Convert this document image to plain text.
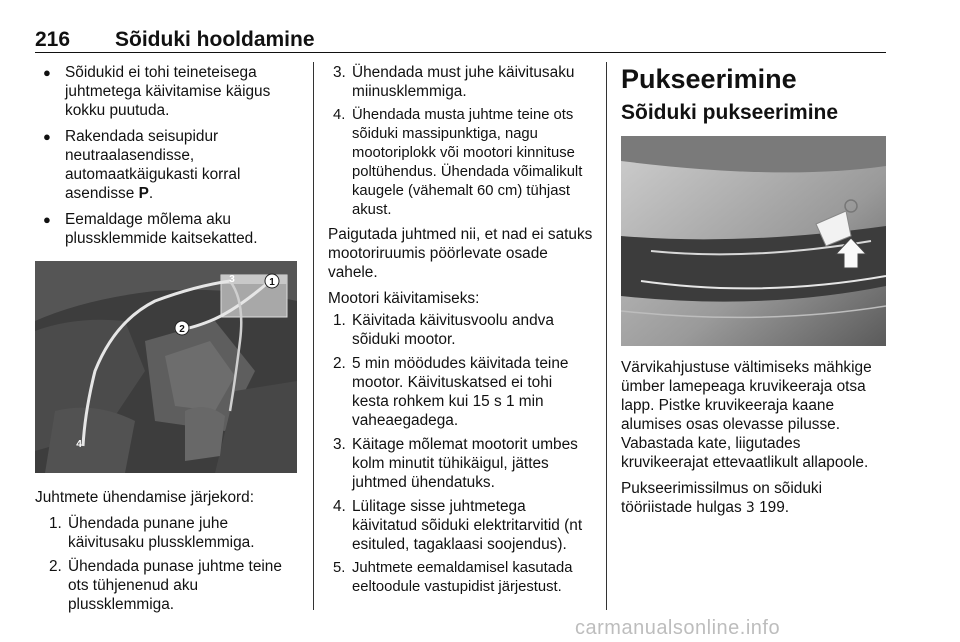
216 Sõiduki hooldamine
● Sõidukid ei tohi teineteisega juhtmetega käivitamise käigus kokku puutuda.
● Rakendada seisupidur neutraalasendisse, automaatkäigukasti korral asendisse P.
● Eemaldage mõlema aku plussklemmide kaitsekatted.
1
2
3
4
Juhtmete ühendamise järjekord:
1. Ühendada punane juhe käivitusaku plussklemmiga.
2. Ühendada punase juhtme teine ots tühjenenud aku plussklemmiga.
3. Ühendada must juhe käivitusaku miinusklemmiga.
4. Ühendada musta juhtme teine ots sõiduki massipunktiga, nagu mootoriplokk või mootori kinnituse poltühendus. Ühendada võimalikult kaugele (vähemalt 60 cm) tühjast akust.
Paigutada juhtmed nii, et nad ei satuks mootoriruumis pöörlevate osade vahele.
Mootori käivitamiseks:
1. Käivitada käivitusvoolu andva sõiduki mootor.
2. 5 min möödudes käivitada teine mootor. Käivituskatsed ei tohi kesta rohkem kui 15 s 1 min vaheaegadega.
3. Käitage mõlemat mootorit umbes kolm minutit tühikäigul, jättes juhtmed ühendatuks.
4. Lülitage sisse juhtmetega käivitatud sõiduki elektritarvitid (nt esituled, tagaklaasi soojendus).
5. Juhtmete eemaldamisel kasutada eeltoodule vastupidist järjestust.
Pukseerimine
Sõiduki pukseerimine
Värvikahjustuse vältimiseks mähkige ümber lamepeaga kruvikeeraja otsa lapp. Pistke kruvikeeraja kaane alumises osas olevasse pilusse. Vabastada kate, liigutades kruvikeerajat ettevaatlikult allapoole.
Pukseerimissilmus on sõiduki tööriistade hulgas 3 199.
carmanualsonline.info
